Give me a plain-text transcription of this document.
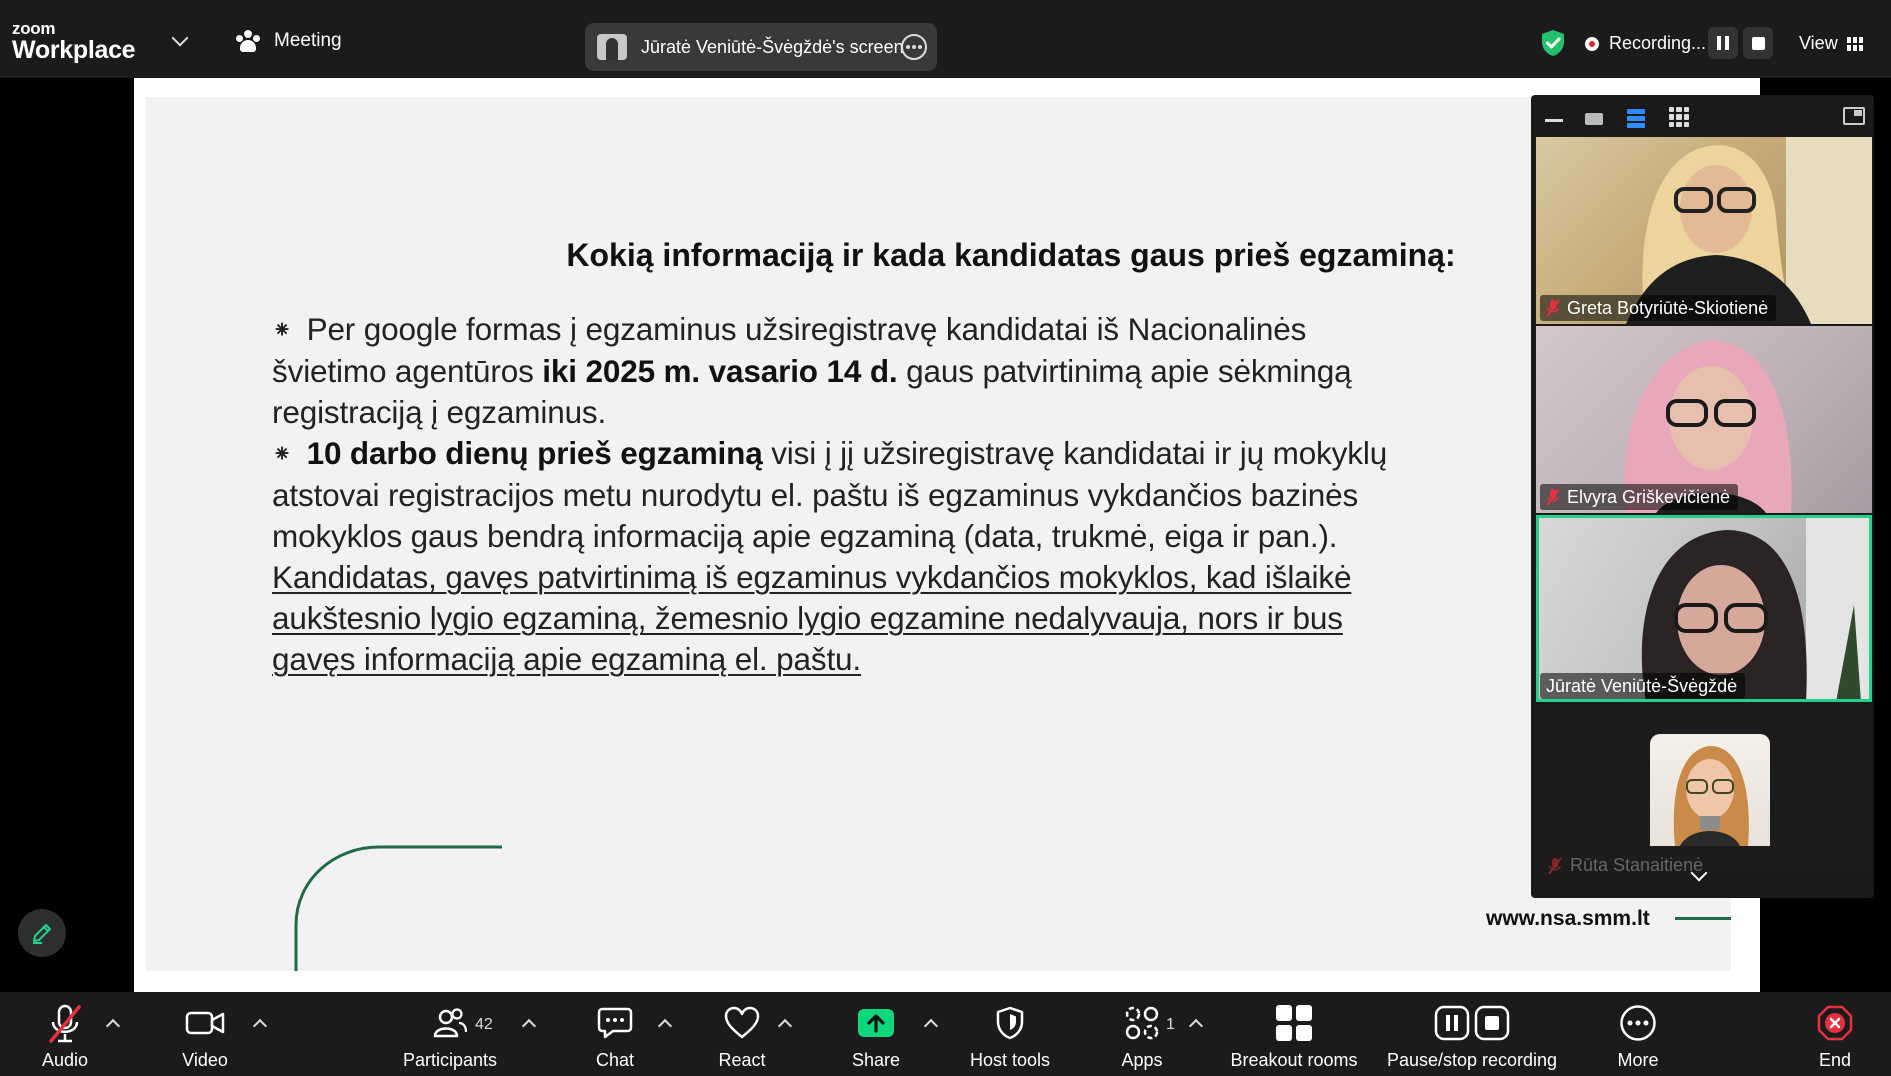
zoom
Workplace	Meeting	Jūratė Veniūtė-Švėgždė's screen	Recording...	View
Kokią informaciją ir kada kandidatas gaus prieš egzaminą:

⁕ Per google formas į egzaminus užsiregistravę kandidatai iš Nacionalinės švietimo agentūros iki 2025 m. vasario 14 d. gaus patvirtinimą apie sėkmingą registraciją į egzaminus.

⁕ 10 darbo dienų prieš egzaminą visi į jį užsiregistravę kandidatai ir jų mokyklų atstovai registracijos metu nurodytu el. paštu iš egzaminus vykdančios bazinės mokyklos gaus bendrą informaciją apie egzaminą (data, trukmė, eiga ir pan.). Kandidatas, gavęs patvirtinimą iš egzaminus vykdančios mokyklos, kad išlaikė aukštesnio lygio egzaminą, žemesnio lygio egzamine nedalyvauja, nors ir bus gavęs informaciją apie egzaminą el. paštu.

www.nsa.smm.lt
Greta Botyriūtė-Skiotienė
Elvyra Griškevičienė
Jūratė Veniūtė-Švėgždė
Rūta Stanaitienė
Audio	Video	Participants
42
Chat	React	Share	Host tools	Apps
1
Breakout rooms Pause/stop recording	More	End
